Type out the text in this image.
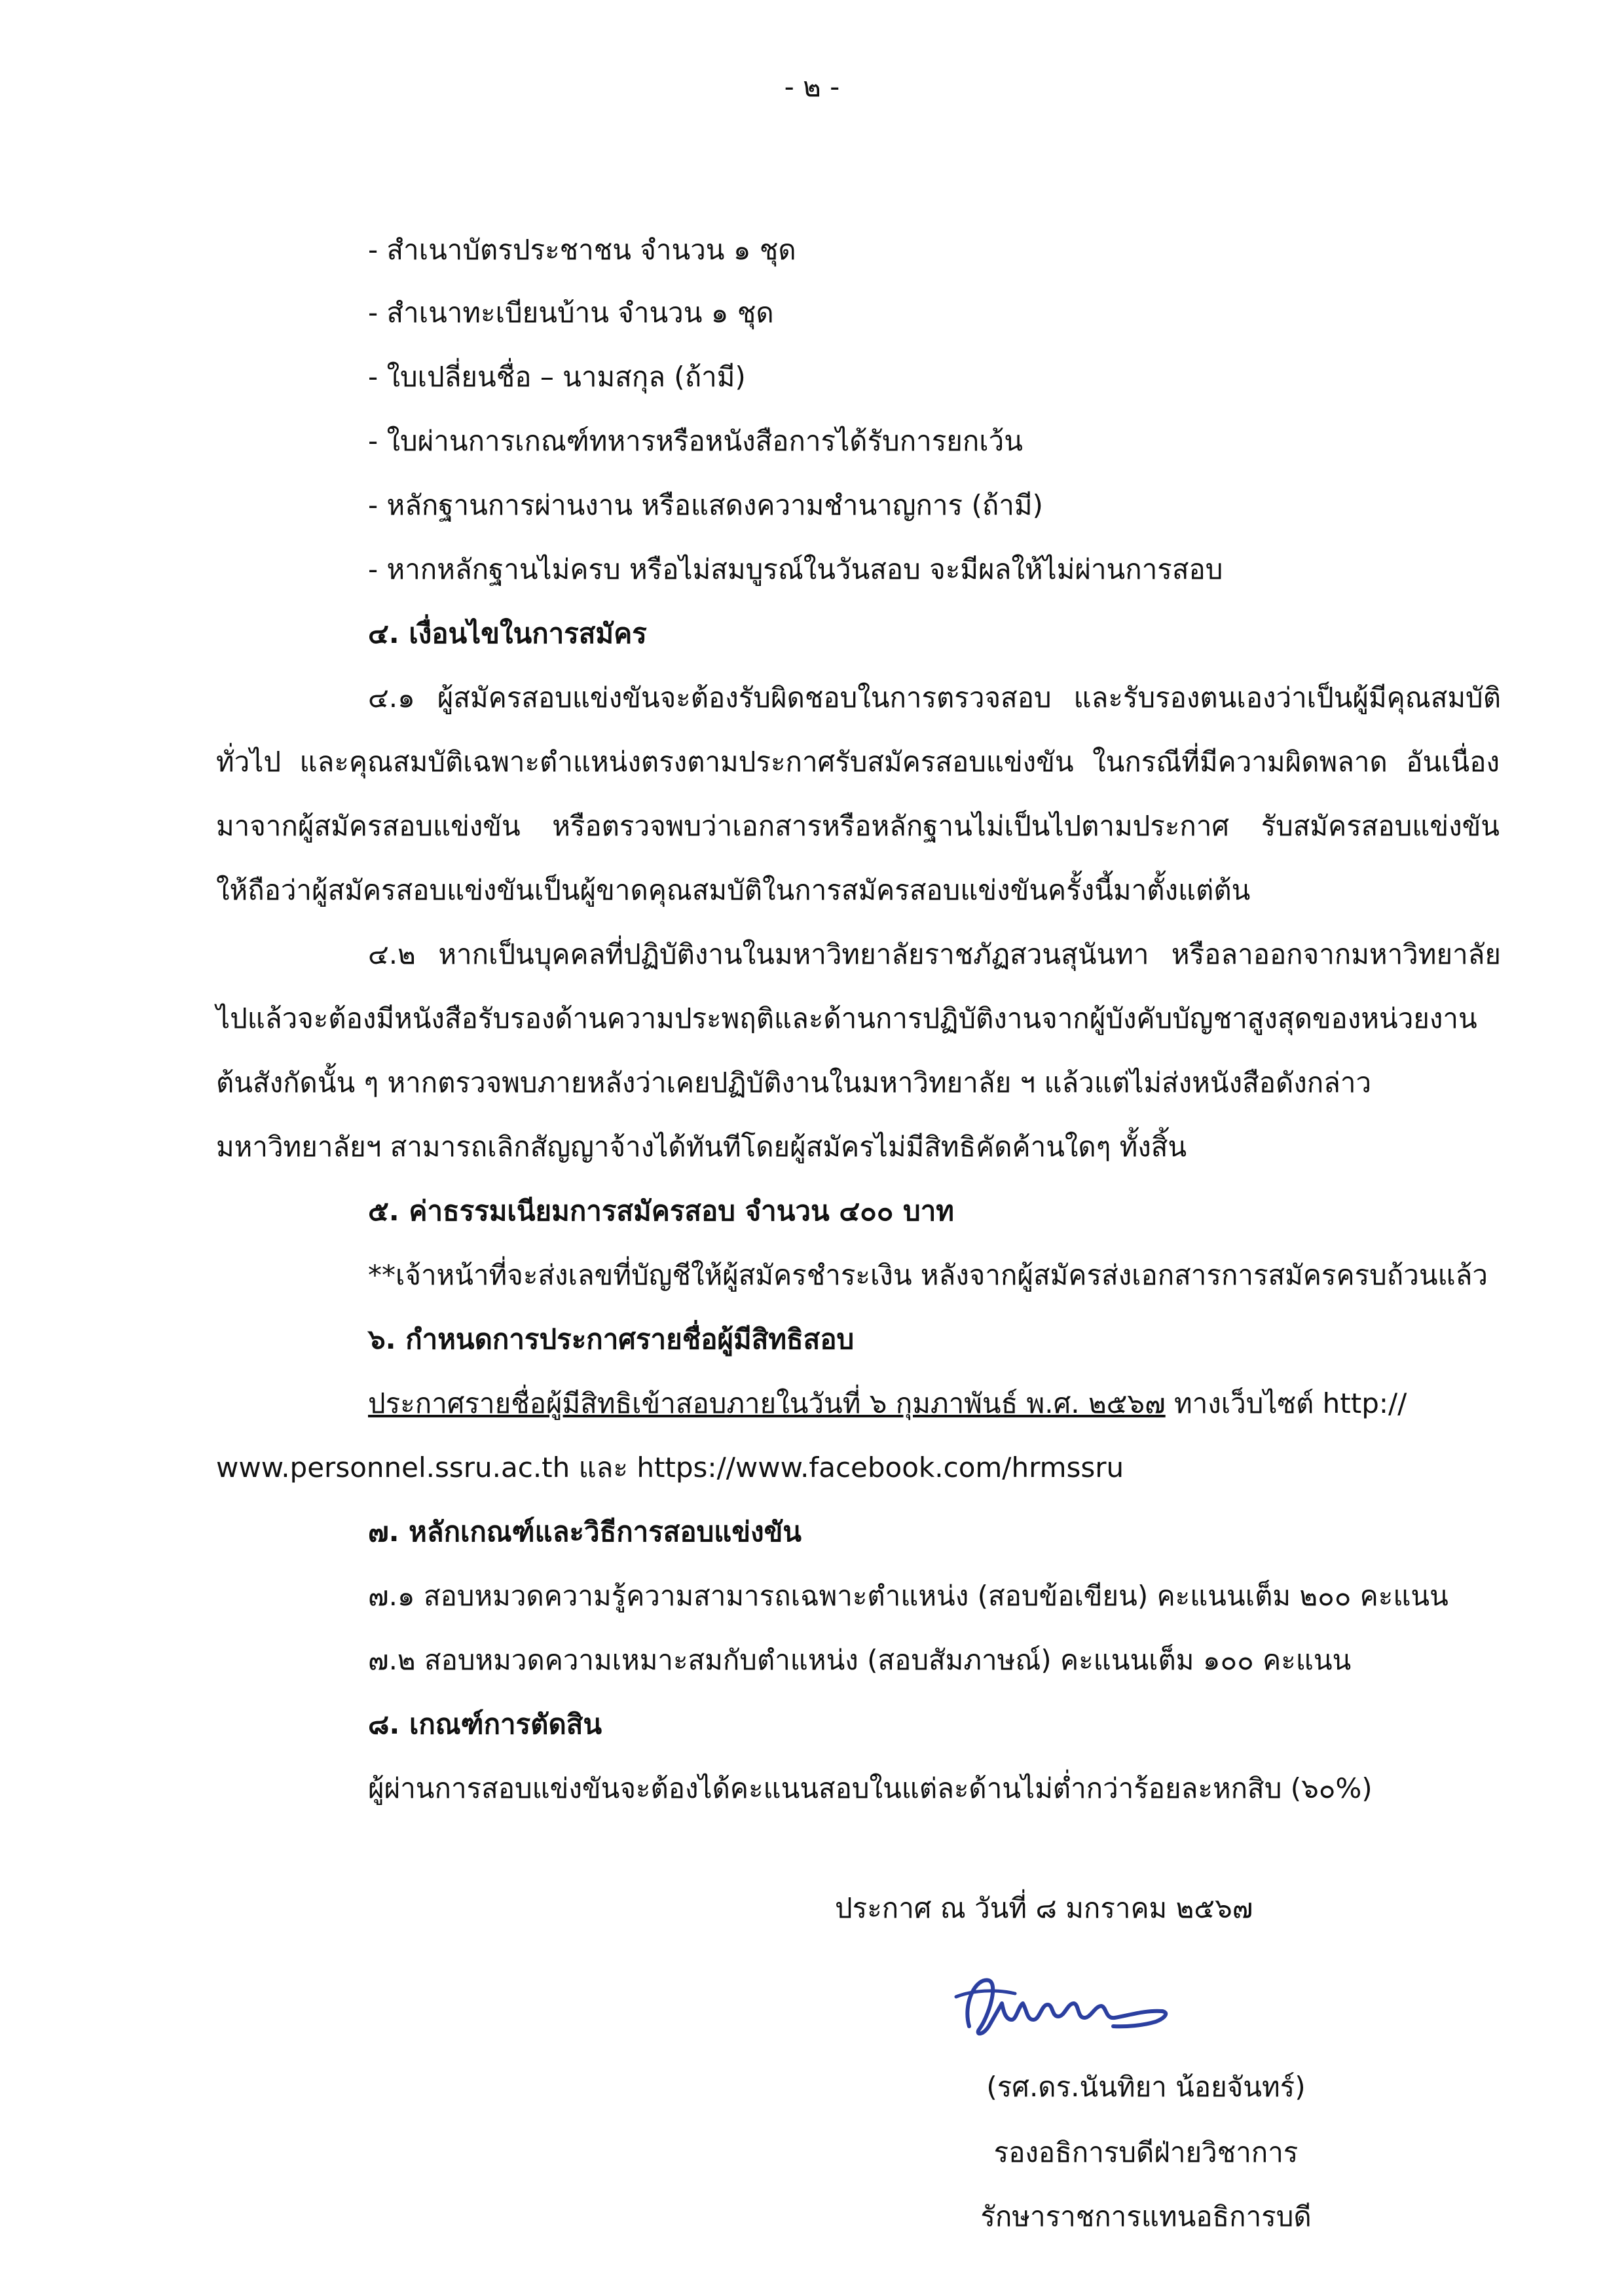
- ๒ -
- สำเนาบัตรประชาชน จำนวน ๑ ชุด
- สำเนาทะเบียนบ้าน จำนวน ๑ ชุด
- ใบเปลี่ยนชื่อ – นามสกุล (ถ้ามี)
- ใบผ่านการเกณฑ์ทหารหรือหนังสือการได้รับการยกเว้น
- หลักฐานการผ่านงาน หรือแสดงความชำนาญการ (ถ้ามี)
- หากหลักฐานไม่ครบ หรือไม่สมบูรณ์ในวันสอบ จะมีผลให้ไม่ผ่านการสอบ
๔. เงื่อนไขในการสมัคร
๔.๑ ผู้สมัครสอบแข่งขันจะต้องรับผิดชอบในการตรวจสอบ และรับรองตนเองว่าเป็นผู้มีคุณสมบัติ
ทั่วไป และคุณสมบัติเฉพาะตำแหน่งตรงตามประกาศรับสมัครสอบแข่งขัน ในกรณีที่มีความผิดพลาด อันเนื่อง
มาจากผู้สมัครสอบแข่งขัน หรือตรวจพบว่าเอกสารหรือหลักฐานไม่เป็นไปตามประกาศ รับสมัครสอบแข่งขัน
ให้ถือว่าผู้สมัครสอบแข่งขันเป็นผู้ขาดคุณสมบัติในการสมัครสอบแข่งขันครั้งนี้มาตั้งแต่ต้น
๔.๒ หากเป็นบุคคลที่ปฏิบัติงานในมหาวิทยาลัยราชภัฏสวนสุนันทา หรือลาออกจากมหาวิทยาลัย
ไปแล้วจะต้องมีหนังสือรับรองด้านความประพฤติและด้านการปฏิบัติงานจากผู้บังคับบัญชาสูงสุดของหน่วยงาน
ต้นสังกัดนั้น ๆ หากตรวจพบภายหลังว่าเคยปฏิบัติงานในมหาวิทยาลัย ฯ แล้วแต่ไม่ส่งหนังสือดังกล่าว
มหาวิทยาลัยฯ สามารถเลิกสัญญาจ้างได้ทันทีโดยผู้สมัครไม่มีสิทธิคัดค้านใดๆ ทั้งสิ้น
๕. ค่าธรรมเนียมการสมัครสอบ จำนวน ๔๐๐ บาท
**เจ้าหน้าที่จะส่งเลขที่บัญชีให้ผู้สมัครชำระเงิน หลังจากผู้สมัครส่งเอกสารการสมัครครบถ้วนแล้ว
๖. กำหนดการประกาศรายชื่อผู้มีสิทธิสอบ
ประกาศรายชื่อผู้มีสิทธิเข้าสอบภายในวันที่ ๖ กุมภาพันธ์ พ.ศ. ๒๕๖๗ ทางเว็บไซต์ http://
www.personnel.ssru.ac.th และ https://www.facebook.com/hrmssru
๗. หลักเกณฑ์และวิธีการสอบแข่งขัน
๗.๑ สอบหมวดความรู้ความสามารถเฉพาะตำแหน่ง (สอบข้อเขียน) คะแนนเต็ม ๒๐๐ คะแนน
๗.๒ สอบหมวดความเหมาะสมกับตำแหน่ง (สอบสัมภาษณ์) คะแนนเต็ม ๑๐๐ คะแนน
๘. เกณฑ์การตัดสิน
ผู้ผ่านการสอบแข่งขันจะต้องได้คะแนนสอบในแต่ละด้านไม่ต่ำกว่าร้อยละหกสิบ (๖๐%)
ประกาศ ณ วันที่ ๘ มกราคม ๒๕๖๗
(รศ.ดร.นันทิยา น้อยจันทร์)
รองอธิการบดีฝ่ายวิชาการ
รักษาราชการแทนอธิการบดี
